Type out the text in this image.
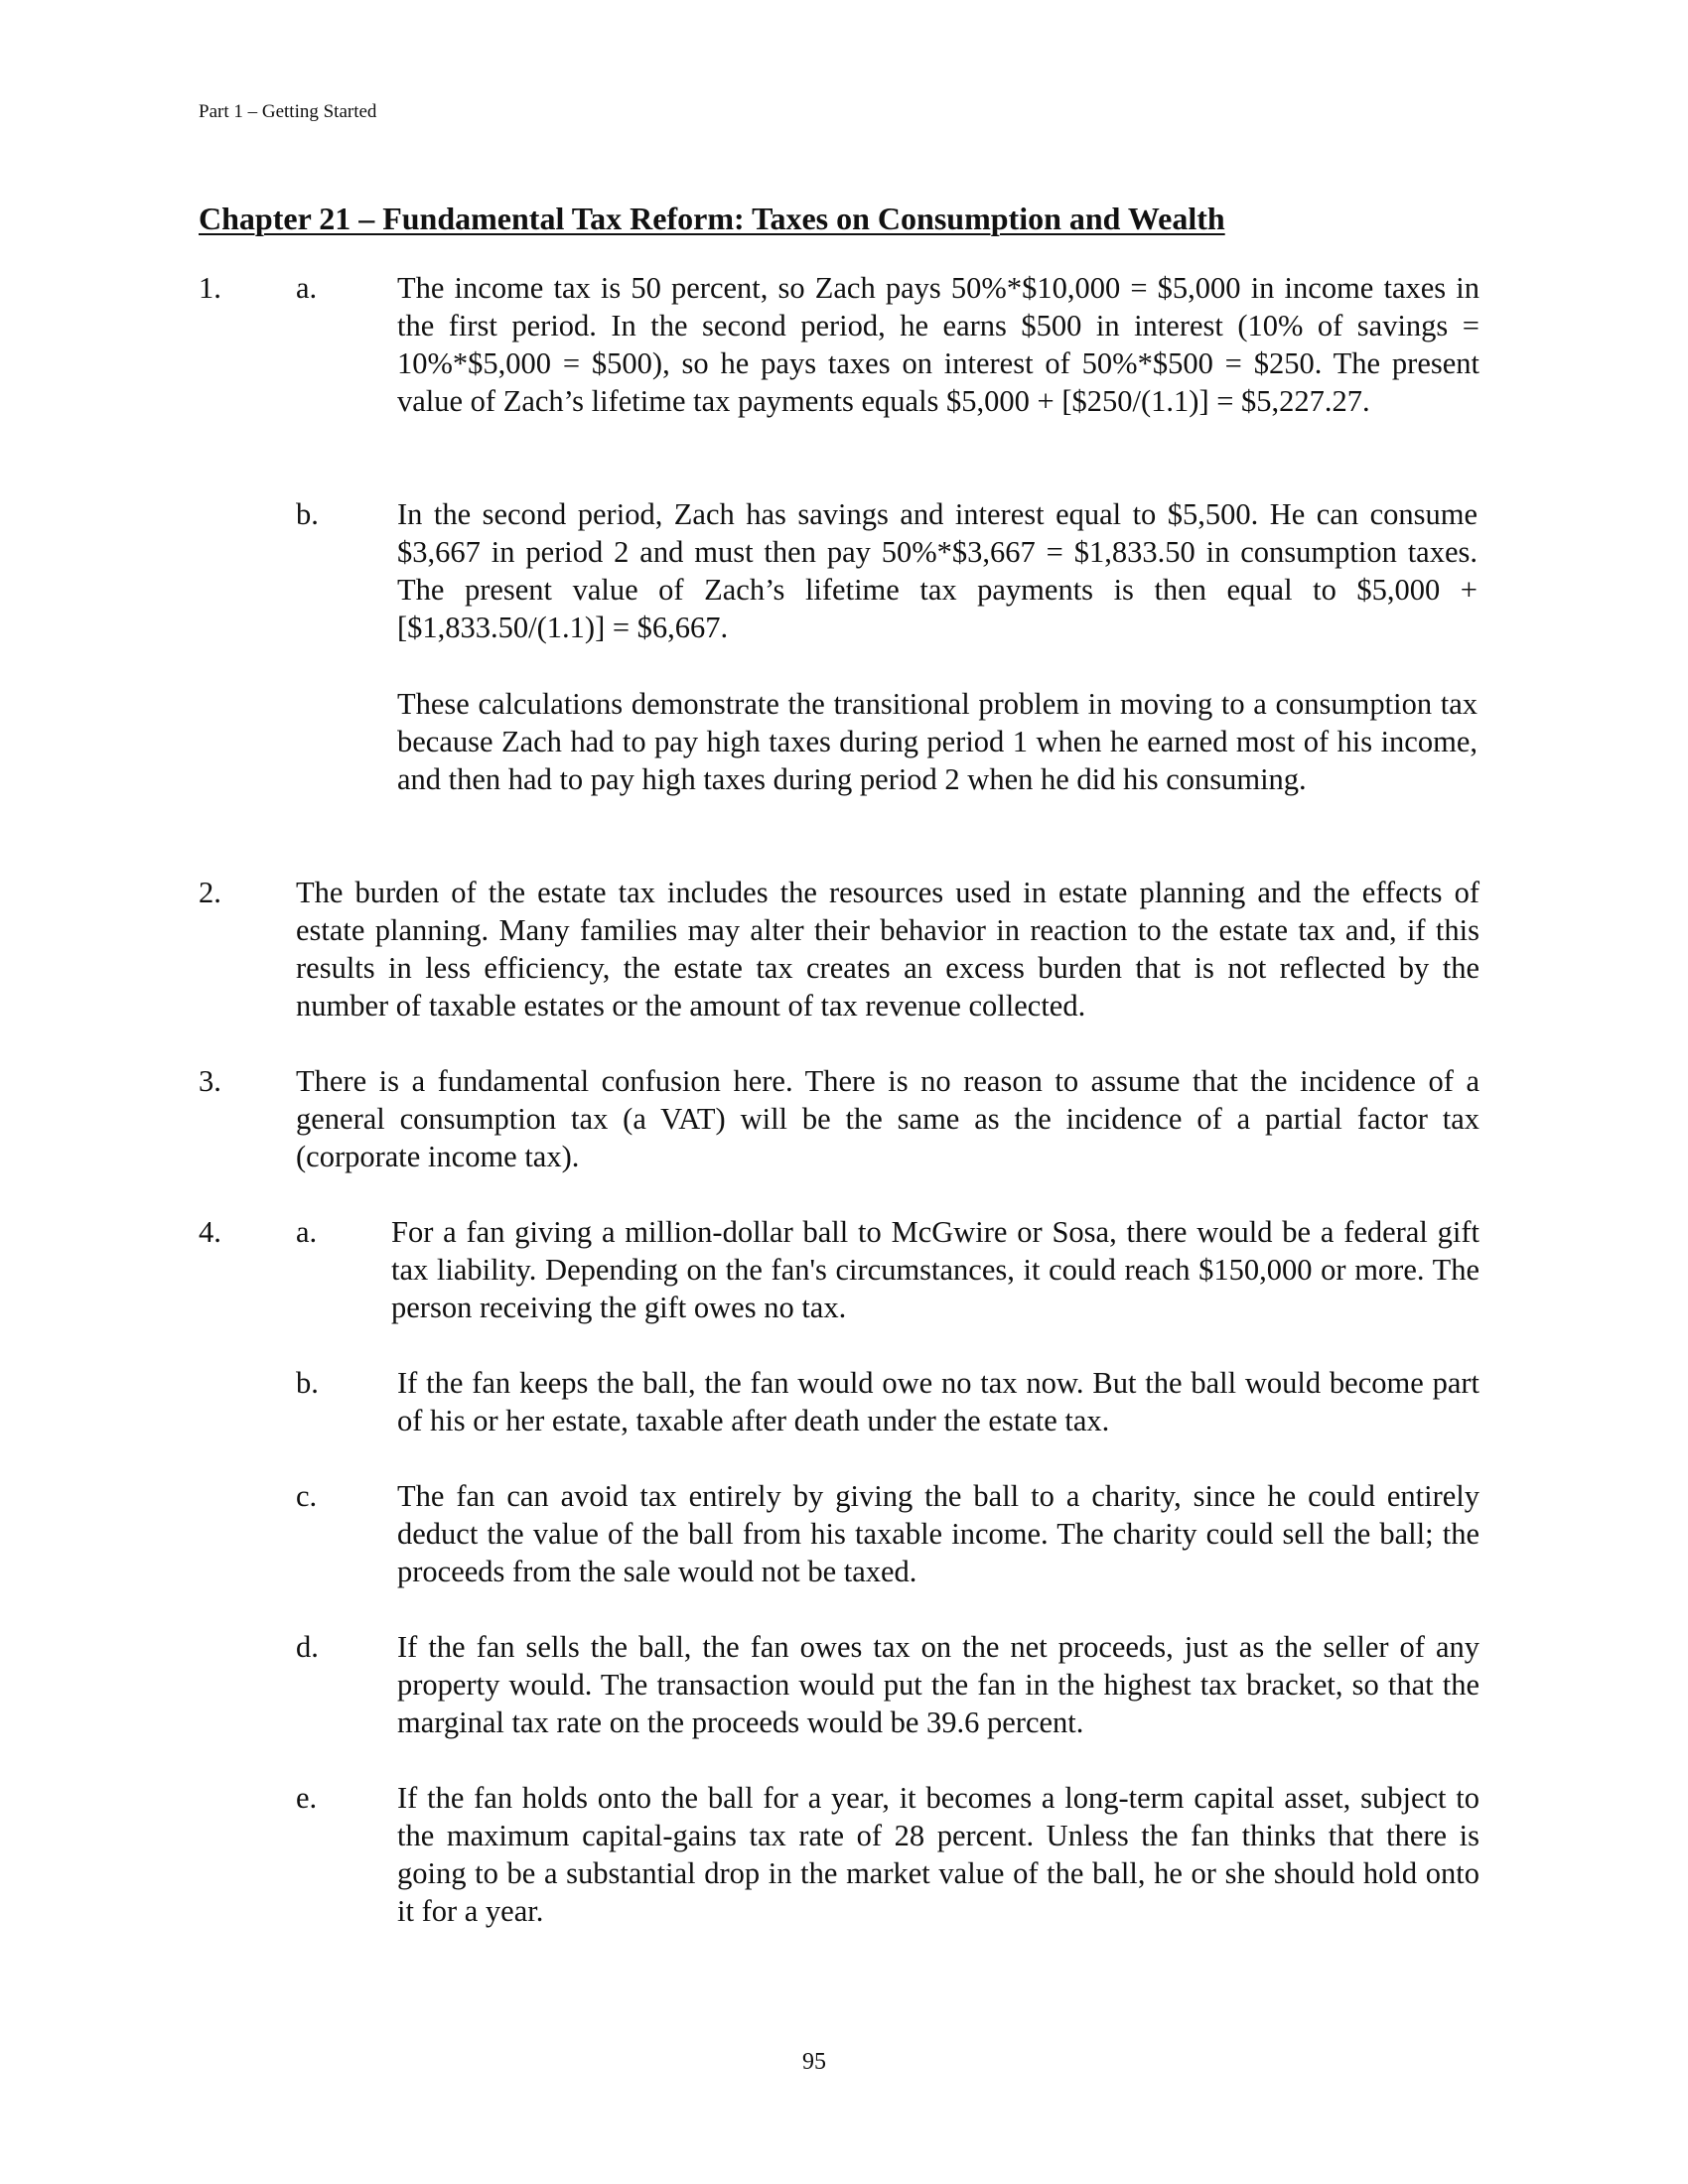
Part 1 – Getting Started
Chapter 21 – Fundamental Tax Reform: Taxes on Consumption and Wealth
1. a.	The income tax is 50 percent, so Zach pays 50%*$10,000 = $5,000 in income taxes in the first period. In the second period, he earns $500 in interest (10% of savings = 10%*$5,000 = $500), so he pays taxes on interest of 50%*$500 = $250. The present value of Zach’s lifetime tax payments equals $5,000 + [$250/(1.1)] = $5,227.27.

b.	In the second period, Zach has savings and interest equal to $5,500. He can consume $3,667 in period 2 and must then pay 50%*$3,667 = $1,833.50 in consumption taxes. The present value of Zach’s lifetime tax payments is then equal to $5,000 + [$1,833.50/(1.1)] = $6,667.

These calculations demonstrate the transitional problem in moving to a consumption tax because Zach had to pay high taxes during period 1 when he earned most of his income, and then had to pay high taxes during period 2 when he did his consuming.

2. The burden of the estate tax includes the resources used in estate planning and the effects of estate planning. Many families may alter their behavior in reaction to the estate tax and, if this results in less efficiency, the estate tax creates an excess burden that is not reflected by the number of taxable estates or the amount of tax revenue collected.

3. There is a fundamental confusion here. There is no reason to assume that the incidence of a general consumption tax (a VAT) will be the same as the incidence of a partial factor tax (corporate income tax).

4. a. For a fan giving a million-dollar ball to McGwire or Sosa, there would be a federal gift tax liability. Depending on the fan's circumstances, it could reach $150,000 or more. The person receiving the gift owes no tax.

b.	If the fan keeps the ball, the fan would owe no tax now. But the ball would become part of his or her estate, taxable after death under the estate tax.

c.	The fan can avoid tax entirely by giving the ball to a charity, since he could entirely deduct the value of the ball from his taxable income. The charity could sell the ball; the proceeds from the sale would not be taxed.

d.	If the fan sells the ball, the fan owes tax on the net proceeds, just as the seller of any property would. The transaction would put the fan in the highest tax bracket, so that the marginal tax rate on the proceeds would be 39.6 percent.

e.	If the fan holds onto the ball for a year, it becomes a long-term capital asset, subject to the maximum capital-gains tax rate of 28 percent. Unless the fan thinks that there is going to be a substantial drop in the market value of the ball, he or she should hold onto it for a year.

95
